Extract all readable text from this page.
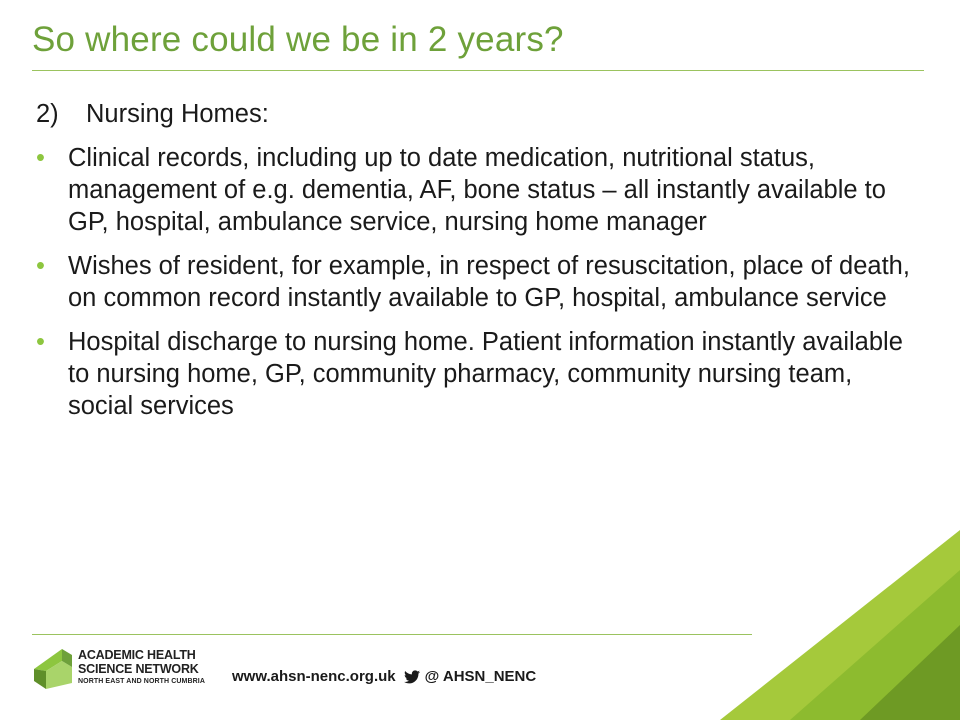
So where could we be in 2 years?
2)	Nursing Homes:
• Clinical records, including up to date medication, nutritional status, management of e.g. dementia, AF, bone status – all instantly available to GP, hospital, ambulance service, nursing home manager
• Wishes of resident, for example, in respect of resuscitation, place of death, on common record instantly available to GP, hospital, ambulance service
• Hospital discharge to nursing home. Patient information instantly available to nursing home, GP, community pharmacy, community nursing team, social services
ACADEMIC HEALTH
SCIENCE NETWORK
NORTH EAST AND NORTH CUMBRIA www.ahsn-nenc.org.uk @ AHSN_NENC
